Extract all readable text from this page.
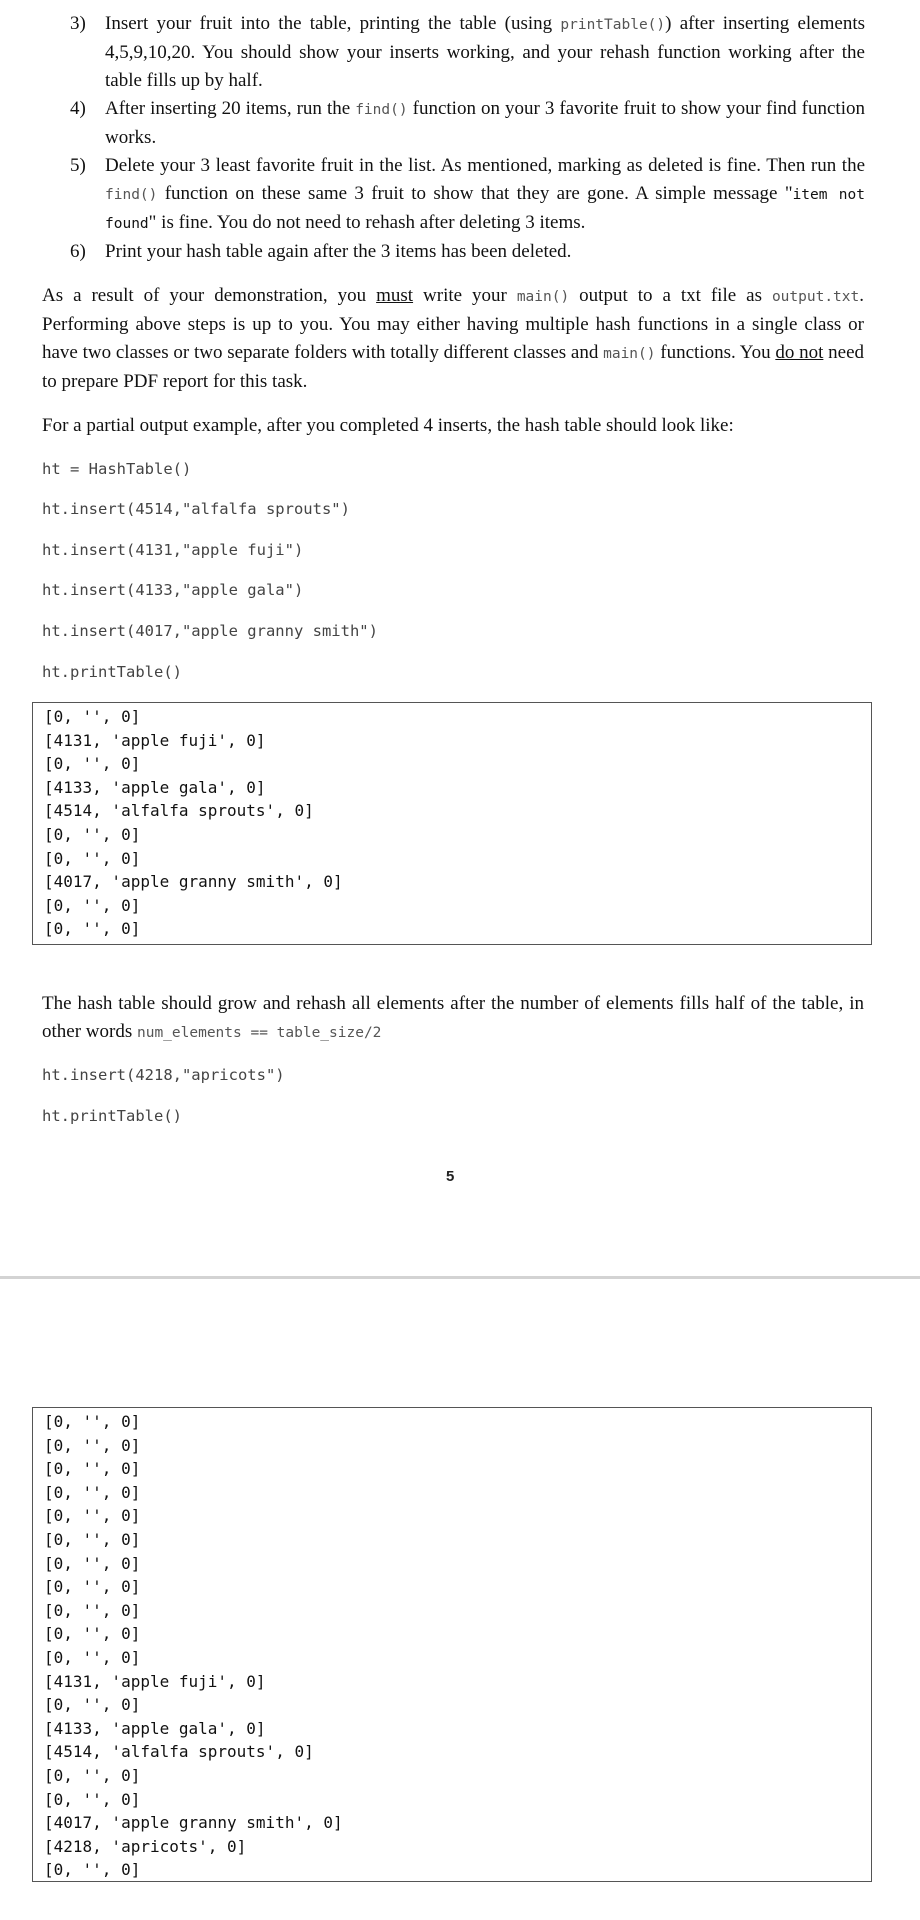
3) Insert your fruit into the table, printing the table (using printTable()) after inserting elements 4,5,9,10,20. You should show your inserts working, and your rehash function working after the table fills up by half.
4) After inserting 20 items, run the find() function on your 3 favorite fruit to show your find function works.
5) Delete your 3 least favorite fruit in the list. As mentioned, marking as deleted is fine. Then run the find() function on these same 3 fruit to show that they are gone. A simple message "item not found" is fine. You do not need to rehash after deleting 3 items.
6) Print your hash table again after the 3 items has been deleted.

As a result of your demonstration, you must write your main() output to a txt file as output.txt. Performing above steps is up to you. You may either having multiple hash functions in a single class or have two classes or two separate folders with totally different classes and main() functions. You do not need to prepare PDF report for this task.

For a partial output example, after you completed 4 inserts, the hash table should look like:

ht = HashTable()
ht.insert(4514,"alfalfa sprouts")
ht.insert(4131,"apple fuji")
ht.insert(4133,"apple gala")
ht.insert(4017,"apple granny smith")
ht.printTable()
[0, '', 0]
[4131, 'apple fuji', 0]
[0, '', 0]
[4133, 'apple gala', 0]
[4514, 'alfalfa sprouts', 0]
[0, '', 0]
[0, '', 0]
[4017, 'apple granny smith', 0]
[0, '', 0]
[0, '', 0]

The hash table should grow and rehash all elements after the number of elements fills half of the table, in other words num_elements == table_size/2

ht.insert(4218,"apricots")
ht.printTable()
5
[0, '', 0]
[0, '', 0]
[0, '', 0]
[0, '', 0]
[0, '', 0]
[0, '', 0]
[0, '', 0]
[0, '', 0]
[0, '', 0]
[0, '', 0]
[0, '', 0]
[4131, 'apple fuji', 0]
[0, '', 0]
[4133, 'apple gala', 0]
[4514, 'alfalfa sprouts', 0]
[0, '', 0]
[0, '', 0]
[4017, 'apple granny smith', 0]
[4218, 'apricots', 0]
[0, '', 0]
